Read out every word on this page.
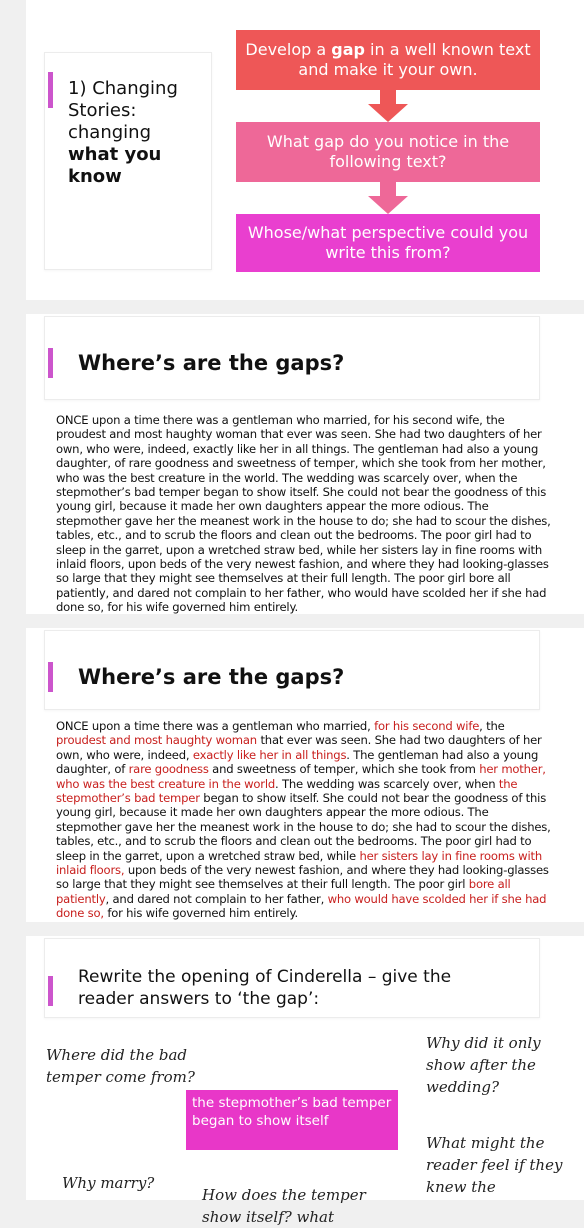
1) Changing
Stories:
changing
what you
know
Develop a gap in a well known text and make it your own.
What gap do you notice in the following text?
Whose/what perspective could you write this from?
Where’s are the gaps?
ONCE upon a time there was a gentleman who married, for his second wife, the proudest and most haughty woman that ever was seen. She had two daughters of her own, who were, indeed, exactly like her in all things. The gentleman had also a young daughter, of rare goodness and sweetness of temper, which she took from her mother, who was the best creature in the world. The wedding was scarcely over, when the stepmother’s bad temper began to show itself. She could not bear the goodness of this young girl, because it made her own daughters appear the more odious. The stepmother gave her the meanest work in the house to do; she had to scour the dishes, tables, etc., and to scrub the floors and clean out the bedrooms. The poor girl had to sleep in the garret, upon a wretched straw bed, while her sisters lay in fine rooms with inlaid floors, upon beds of the very newest fashion, and where they had looking-glasses so large that they might see themselves at their full length. The poor girl bore all patiently, and dared not complain to her father, who would have scolded her if she had done so, for his wife governed him entirely.
Where’s are the gaps?
ONCE upon a time there was a gentleman who married, for his second wife, the proudest and most haughty woman that ever was seen. She had two daughters of her own, who were, indeed, exactly like her in all things. The gentleman had also a young daughter, of rare goodness and sweetness of temper, which she took from her mother, who was the best creature in the world. The wedding was scarcely over, when the stepmother’s bad temper began to show itself. She could not bear the goodness of this young girl, because it made her own daughters appear the more odious. The stepmother gave her the meanest work in the house to do; she had to scour the dishes, tables, etc., and to scrub the floors and clean out the bedrooms. The poor girl had to sleep in the garret, upon a wretched straw bed, while her sisters lay in fine rooms with inlaid floors, upon beds of the very newest fashion, and where they had looking-glasses so large that they might see themselves at their full length. The poor girl bore all patiently, and dared not complain to her father, who would have scolded her if she had done so, for his wife governed him entirely.
Rewrite the opening of Cinderella – give the reader answers to ‘the gap’:
Where did the bad temper come from?
Why did it only show after the wedding?
the stepmother’s bad temper began to show itself
Why marry?
What might the reader feel if they knew the
How does the temper
show itself? what
